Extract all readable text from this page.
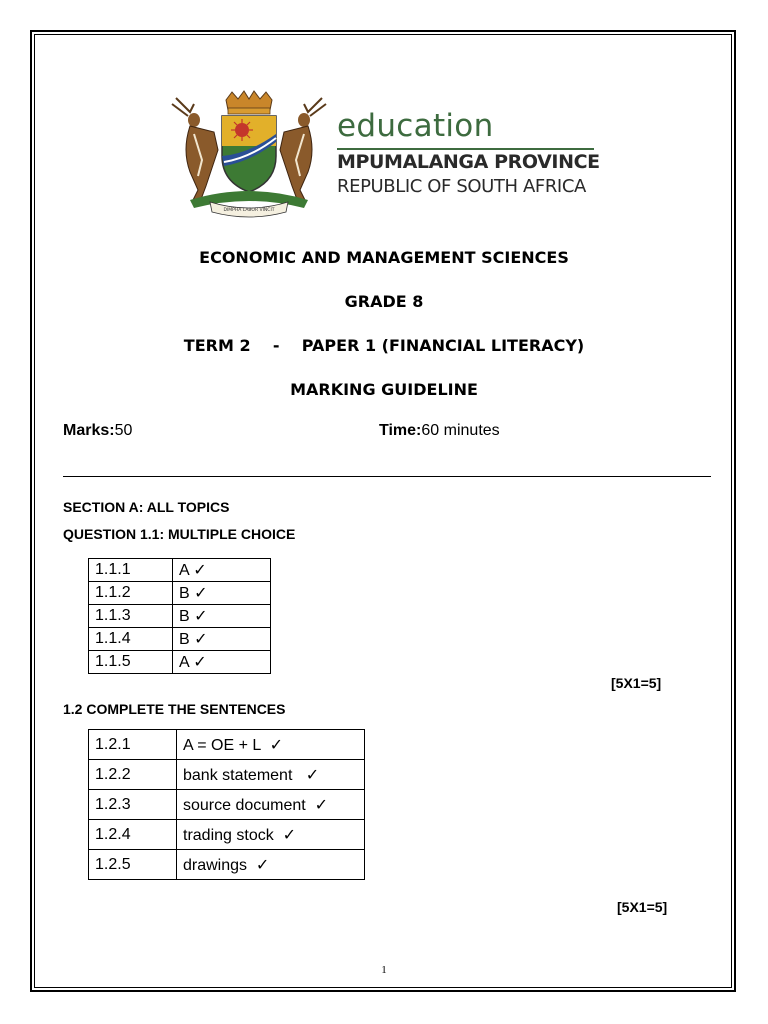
DIMPHA LABOR VINCIT
education
MPUMALANGA PROVINCE
REPUBLIC OF SOUTH AFRICA
ECONOMIC AND MANAGEMENT SCIENCES
GRADE 8
TERM 2 - PAPER 1 (FINANCIAL LITERACY)
MARKING GUIDELINE
Marks:50	Time:60 minutes
SECTION A: ALL TOPICS
QUESTION 1.1: MULTIPLE CHOICE
1.1.1	A ✓
1.1.2	B ✓
1.1.3	B ✓
1.1.4	B ✓
1.1.5	A ✓
[5X1=5]
1.2 COMPLETE THE SENTENCES
1.2.1	A = OE + L  ✓
1.2.2	bank statement   ✓
1.2.3	source document  ✓
1.2.4	trading stock  ✓
1.2.5	drawings  ✓
[5X1=5]
1
